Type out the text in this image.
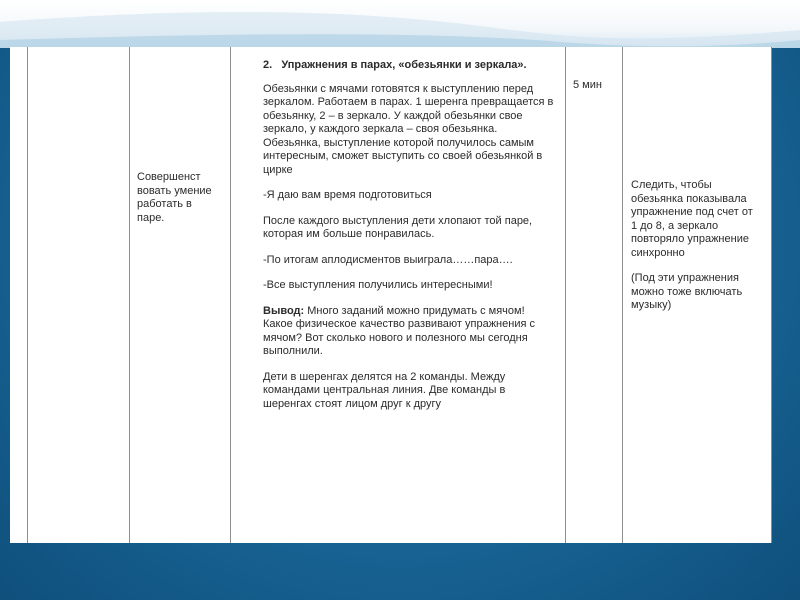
Совершенст вовать умение работать в паре.
2. Упражнения в парах, «обезьянки и зеркала».

Обезьянки с мячами готовятся к выступлению перед зеркалом. Работаем в парах. 1 шеренга превращается в обезьянку, 2 – в зеркало. У каждой обезьянки свое зеркало, у каждого зеркала – своя обезьянка. Обезьянка, выступление которой получилось самым интересным, сможет выступить со своей обезьянкой в цирке

-Я даю вам время подготовиться

После каждого выступления дети хлопают той паре, которая им больше понравилась.

-По итогам аплодисментов выиграла……пара….

-Все выступления получились интересными!

Вывод: Много заданий можно придумать с мячом! Какое физическое качество развивают упражнения с мячом? Вот сколько нового и полезного мы сегодня выполнили.

Дети в шеренгах делятся на 2 команды. Между командами центральная линия. Две команды в шеренгах стоят лицом друг к другу

5 мин

Следить, чтобы обезьянка показывала упражнение под счет от 1 до 8, а зеркало повторяло упражнение синхронно

(Под эти упражнения можно тоже включать музыку)
